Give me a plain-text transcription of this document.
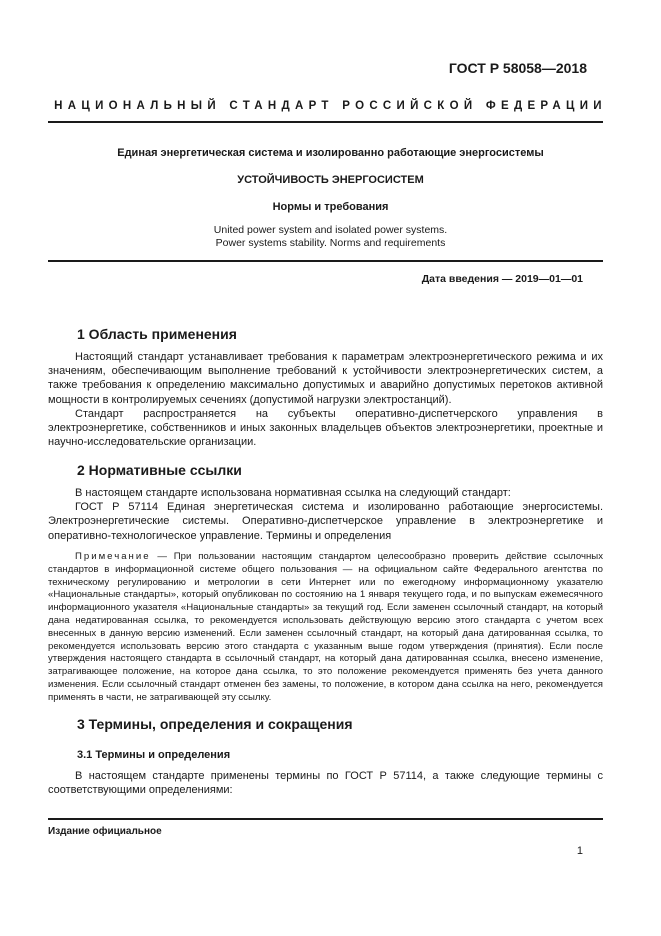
ГОСТ Р 58058—2018
НАЦИОНАЛЬНЫЙ СТАНДАРТ РОССИЙСКОЙ ФЕДЕРАЦИИ
Единая энергетическая система и изолированно работающие энергосистемы
УСТОЙЧИВОСТЬ ЭНЕРГОСИСТЕМ
Нормы и требования
United power system and isolated power systems.
Power systems stability. Norms and requirements
Дата введения — 2019—01—01
1 Область применения

Настоящий стандарт устанавливает требования к параметрам электроэнергетического режима и их значениям, обеспечивающим выполнение требований к устойчивости электроэнергетических систем, а также требования к определению максимально допустимых и аварийно допустимых перетоков активной мощности в контролируемых сечениях (допустимой нагрузки электростанций).

Стандарт распространяется на субъекты оперативно-диспетчерского управления в электроэнергетике, собственников и иных законных владельцев объектов электроэнергетики, проектные и научно-исследовательские организации.

2 Нормативные ссылки

В настоящем стандарте использована нормативная ссылка на следующий стандарт:

ГОСТ Р 57114 Единая энергетическая система и изолированно работающие энергосистемы. Электроэнергетические системы. Оперативно-диспетчерское управление в электроэнергетике и оперативно-технологическое управление. Термины и определения

Примечание — При пользовании настоящим стандартом целесообразно проверить действие ссылочных стандартов в информационной системе общего пользования — на официальном сайте Федерального агентства по техническому регулированию и метрологии в сети Интернет или по ежегодному информационному указателю «Национальные стандарты», который опубликован по состоянию на 1 января текущего года, и по выпускам ежемесячного информационного указателя «Национальные стандарты» за текущий год. Если заменен ссылочный стандарт, на который дана недатированная ссылка, то рекомендуется использовать действующую версию этого стандарта с учетом всех внесенных в данную версию изменений. Если заменен ссылочный стандарт, на который дана датированная ссылка, то рекомендуется использовать версию этого стандарта с указанным выше годом утверждения (принятия). Если после утверждения настоящего стандарта в ссылочный стандарт, на который дана датированная ссылка, внесено изменение, затрагивающее положение, на которое дана ссылка, то это положение рекомендуется применять без учета данного изменения. Если ссылочный стандарт отменен без замены, то положение, в котором дана ссылка на него, рекомендуется применять в части, не затрагивающей эту ссылку.

3 Термины, определения и сокращения
3.1 Термины и определения

В настоящем стандарте применены термины по ГОСТ Р 57114, а также следующие термины с соответствующими определениями:

Издание официальное
1
